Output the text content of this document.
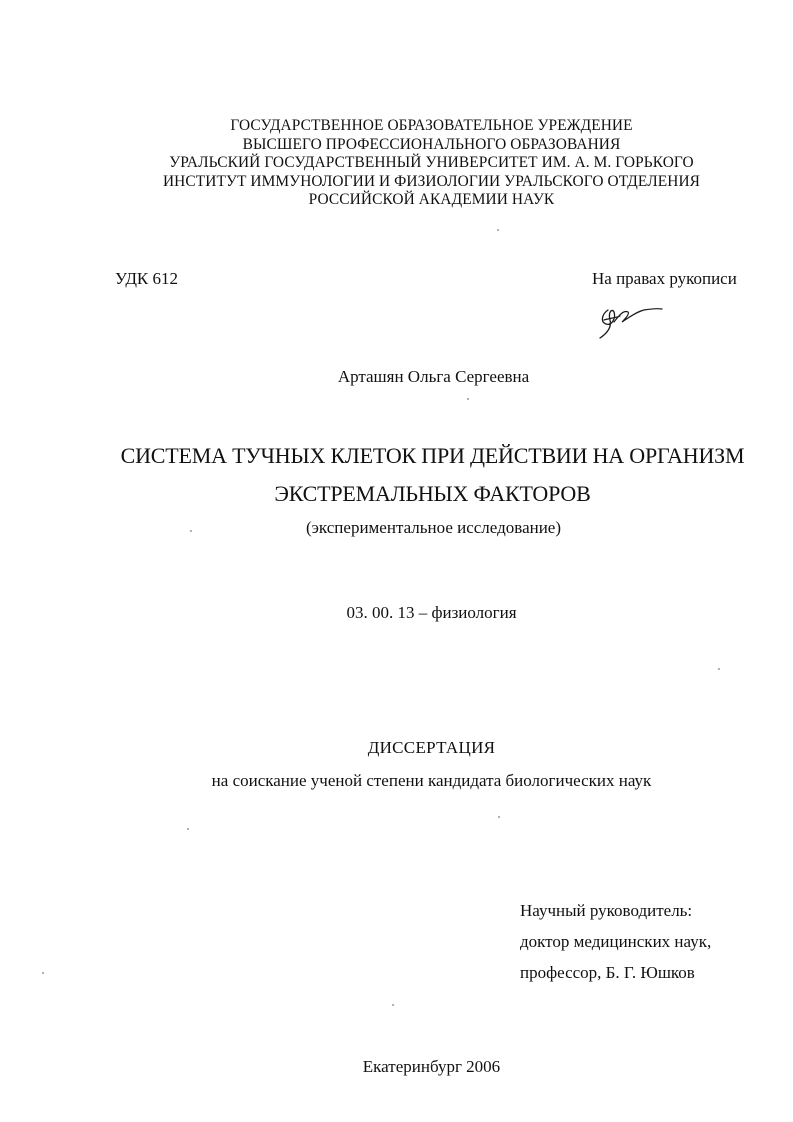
ГОСУДАРСТВЕННОЕ ОБРАЗОВАТЕЛЬНОЕ УРЕЖДЕНИЕ
ВЫСШЕГО ПРОФЕССИОНАЛЬНОГО ОБРАЗОВАНИЯ
УРАЛЬСКИЙ ГОСУДАРСТВЕННЫЙ УНИВЕРСИТЕТ ИМ. А. М. ГОРЬКОГО
ИНСТИТУТ ИММУНОЛОГИИ И ФИЗИОЛОГИИ УРАЛЬСКОГО ОТДЕЛЕНИЯ
РОССИЙСКОЙ АКАДЕМИИ НАУК
УДК 612	На правах рукописи
Арташян Ольга Сергеевна
СИСТЕМА ТУЧНЫХ КЛЕТОК ПРИ ДЕЙСТВИИ НА ОРГАНИЗМ
ЭКСТРЕМАЛЬНЫХ ФАКТОРОВ
(экспериментальное исследование)
03. 00. 13 – физиология
ДИССЕРТАЦИЯ
на соискание ученой степени кандидата биологических наук
Научный руководитель:
доктор медицинских наук,
профессор, Б. Г. Юшков
Екатеринбург 2006
